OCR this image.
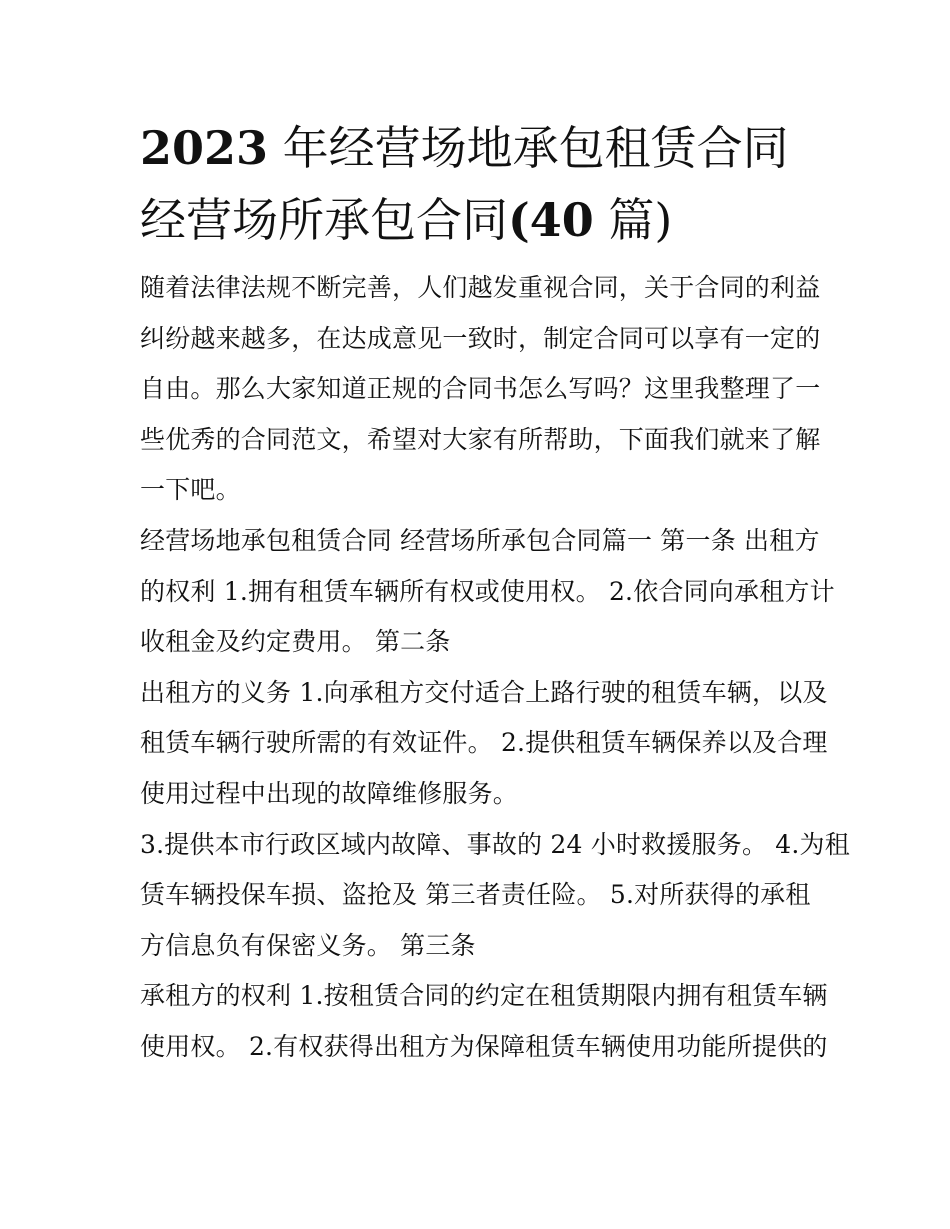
2023 年经营场地承包租赁合同
经营场所承包合同(40 篇)

随着法律法规不断完善，人们越发重视合同，关于合同的利益
纠纷越来越多，在达成意见一致时，制定合同可以享有一定的
自由。那么大家知道正规的合同书怎么写吗？这里我整理了一
些优秀的合同范文，希望对大家有所帮助，下面我们就来了解
一下吧。

经营场地承包租赁合同 经营场所承包合同篇一 第一条 出租方
的权利 1.拥有租赁车辆所有权或使用权。 2.依合同向承租方计
收租金及约定费用。 第二条

出租方的义务 1.向承租方交付适合上路行驶的租赁车辆，以及
租赁车辆行驶所需的有效证件。 2.提供租赁车辆保养以及合理
使用过程中出现的故障维修服务。

3.提供本市行政区域内故障、事故的 24 小时救援服务。 4.为租
赁车辆投保车损、盗抢及 第三者责任险。 5.对所获得的承租
方信息负有保密义务。 第三条

承租方的权利 1.按租赁合同的约定在租赁期限内拥有租赁车辆
使用权。 2.有权获得出租方为保障租赁车辆使用功能所提供的
